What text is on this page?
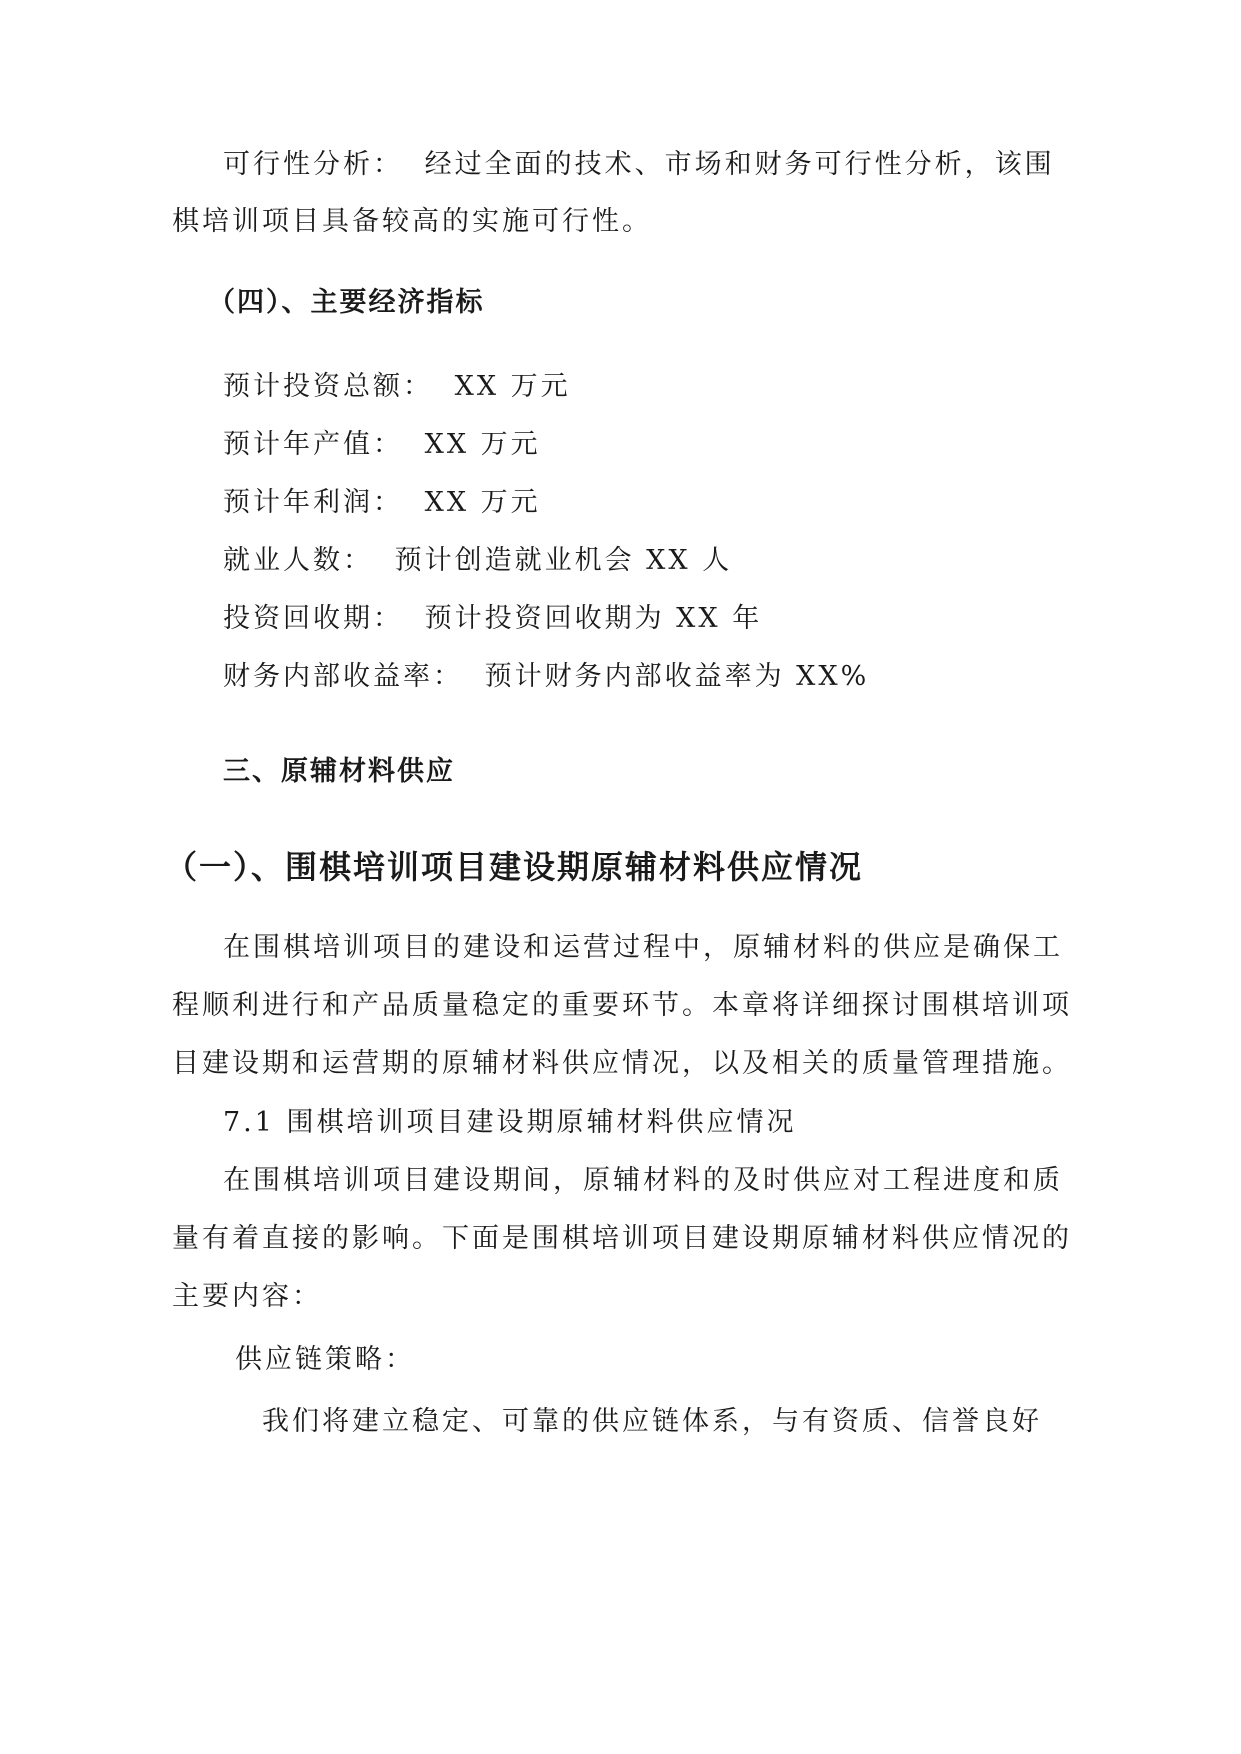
可行性分析： 经过全面的技术、市场和财务可行性分析，该围
棋培训项目具备较高的实施可行性。
（四）、主要经济指标
预计投资总额： XX 万元
预计年产值： XX 万元
预计年利润： XX 万元
就业人数： 预计创造就业机会 XX 人
投资回收期： 预计投资回收期为 XX 年
财务内部收益率： 预计财务内部收益率为 XX%
三、原辅材料供应
（一）、围棋培训项目建设期原辅材料供应情况
在围棋培训项目的建设和运营过程中，原辅材料的供应是确保工
程顺利进行和产品质量稳定的重要环节。本章将详细探讨围棋培训项
目建设期和运营期的原辅材料供应情况，以及相关的质量管理措施。
7.1 围棋培训项目建设期原辅材料供应情况
在围棋培训项目建设期间，原辅材料的及时供应对工程进度和质
量有着直接的影响。下面是围棋培训项目建设期原辅材料供应情况的
主要内容：
供应链策略：
我们将建立稳定、可靠的供应链体系，与有资质、信誉良好
